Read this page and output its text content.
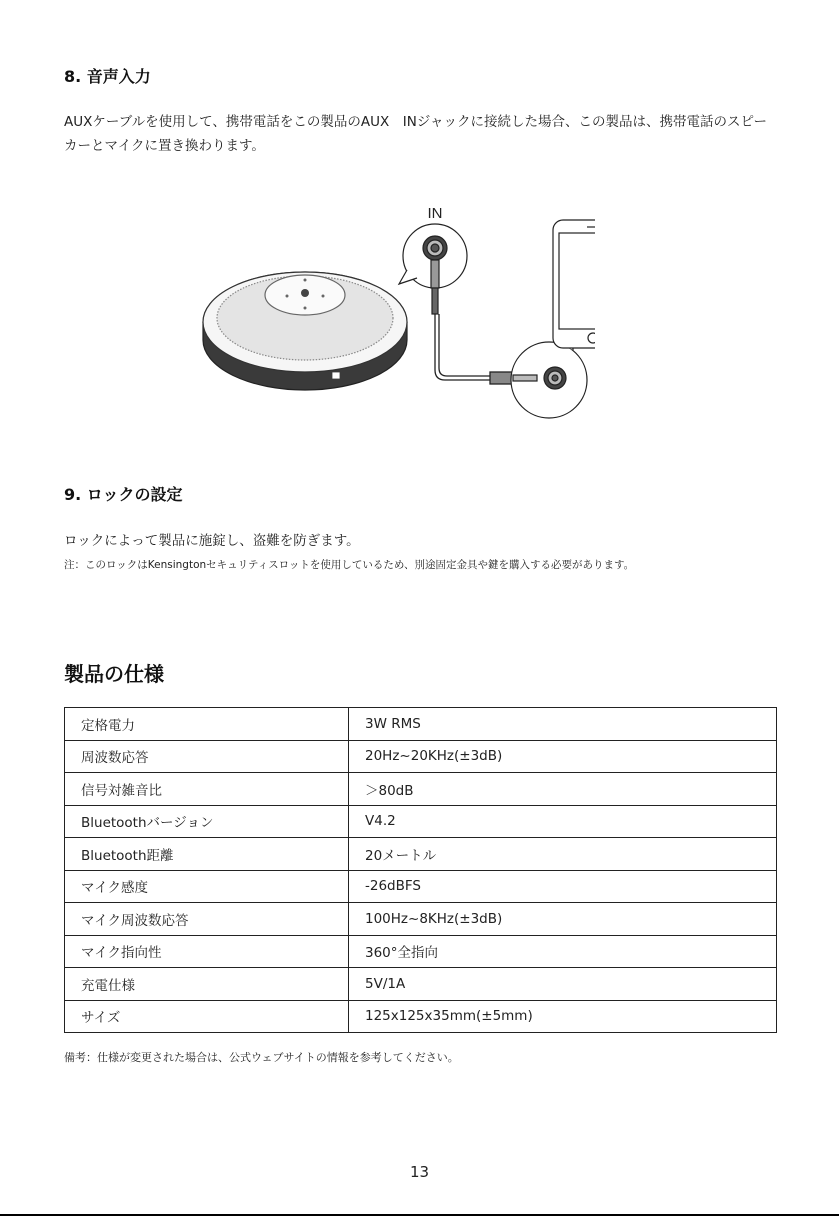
8. 音声入力
AUXケーブルを使用して、携帯電話をこの製品のAUX　INジャックに接続した場合、この製品は、携帯電話のスピーカーとマイクに置き換わります。
IN
9. ロックの設定
ロックによって製品に施錠し、盗難を防ぎます。
注：このロックはKensingtonセキュリティスロットを使用しているため、別途固定金具や鍵を購入する必要があります。
製品の仕様
定格電力	3W RMS
周波数応答	20Hz~20KHz(±3dB)
信号対雑音比	＞80dB
Bluetoothバージョン	V4.2
Bluetooth距離	20メートル
マイク感度	-26dBFS
マイク周波数応答	100Hz~8KHz(±3dB)
マイク指向性	360°全指向
充電仕様	5V/1A
サイズ	125x125x35mm(±5mm)
備考：仕様が変更された場合は、公式ウェブサイトの情報を参考してください。
13
